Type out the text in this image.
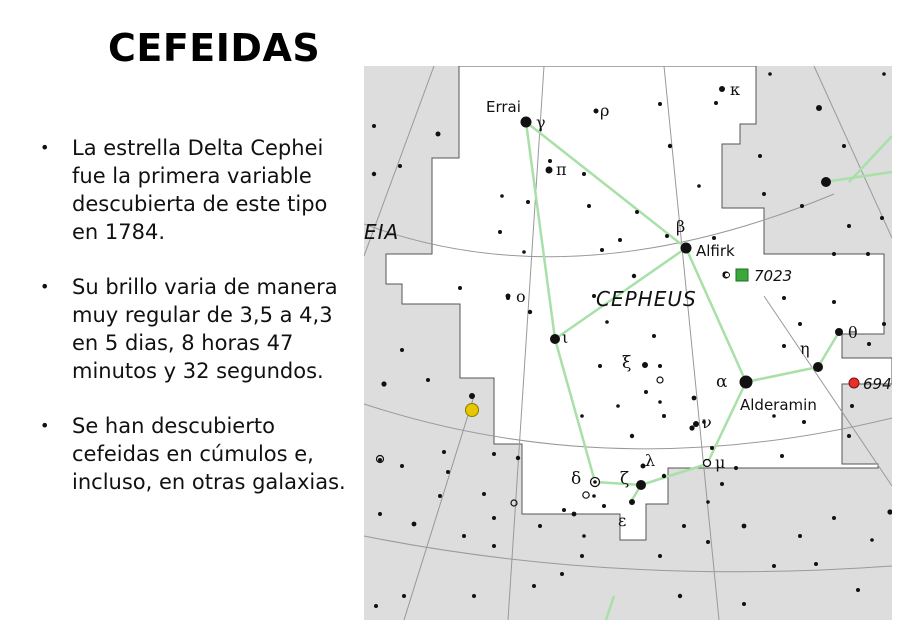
CEFEIDAS
• La estrella Delta Cephei fue la primera variable descubierta de este tipo en 1784.
• Su brillo varia de manera muy regular de 3,5 a 4,3 en 5 dias, 8 horas 47 minutos y 32 segundos.
• Se han descubierto cefeidas en cúmulos e, incluso, en otras galaxias.
Errai
γ
β
Alfirk
α
Alderamin
ι
δ ζ
ε
η
θ
μ
ν
ξ
λ
π
ρ
o
κ
7023
694
CEPHEUS
EIA
